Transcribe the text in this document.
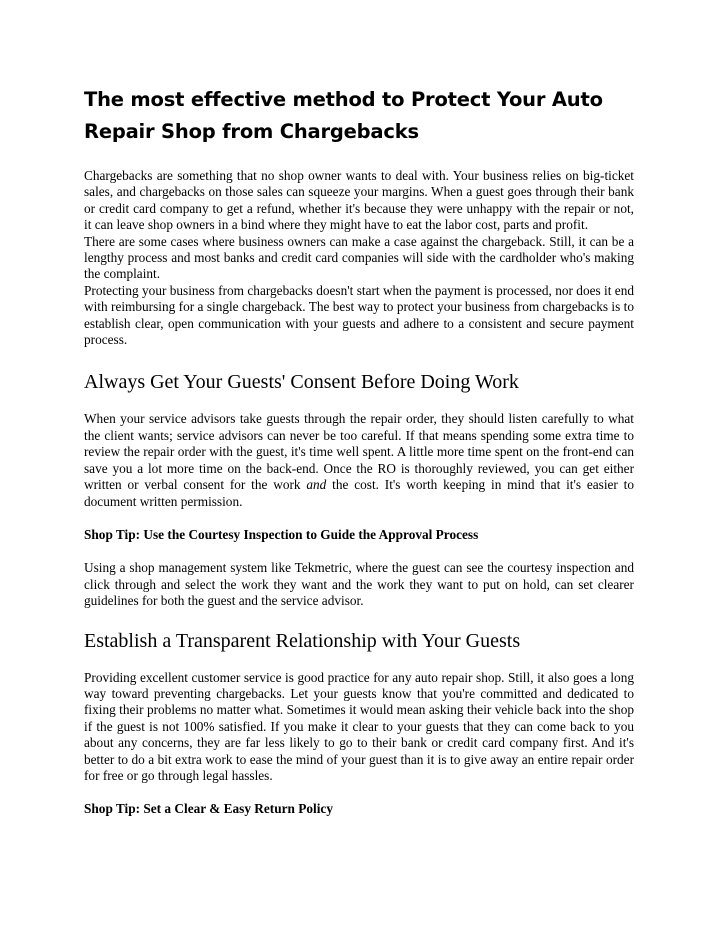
The most effective method to Protect Your Auto Repair Shop from Chargebacks

Chargebacks are something that no shop owner wants to deal with. Your business relies on big-ticket sales, and chargebacks on those sales can squeeze your margins. When a guest goes through their bank or credit card company to get a refund, whether it's because they were unhappy with the repair or not, it can leave shop owners in a bind where they might have to eat the labor cost, parts and profit.

There are some cases where business owners can make a case against the chargeback. Still, it can be a lengthy process and most banks and credit card companies will side with the cardholder who's making the complaint.

Protecting your business from chargebacks doesn't start when the payment is processed, nor does it end with reimbursing for a single chargeback. The best way to protect your business from chargebacks is to establish clear, open communication with your guests and adhere to a consistent and secure payment process.

Always Get Your Guests' Consent Before Doing Work

When your service advisors take guests through the repair order, they should listen carefully to what the client wants; service advisors can never be too careful. If that means spending some extra time to review the repair order with the guest, it's time well spent. A little more time spent on the front-end can save you a lot more time on the back-end. Once the RO is thoroughly reviewed, you can get either written or verbal consent for the work and the cost. It's worth keeping in mind that it's easier to document written permission.

Shop Tip: Use the Courtesy Inspection to Guide the Approval Process

Using a shop management system like Tekmetric, where the guest can see the courtesy inspection and click through and select the work they want and the work they want to put on hold, can set clearer guidelines for both the guest and the service advisor.

Establish a Transparent Relationship with Your Guests

Providing excellent customer service is good practice for any auto repair shop. Still, it also goes a long way toward preventing chargebacks. Let your guests know that you're committed and dedicated to fixing their problems no matter what. Sometimes it would mean asking their vehicle back into the shop if the guest is not 100% satisfied. If you make it clear to your guests that they can come back to you about any concerns, they are far less likely to go to their bank or credit card company first. And it's better to do a bit extra work to ease the mind of your guest than it is to give away an entire repair order for free or go through legal hassles.

Shop Tip: Set a Clear & Easy Return Policy
